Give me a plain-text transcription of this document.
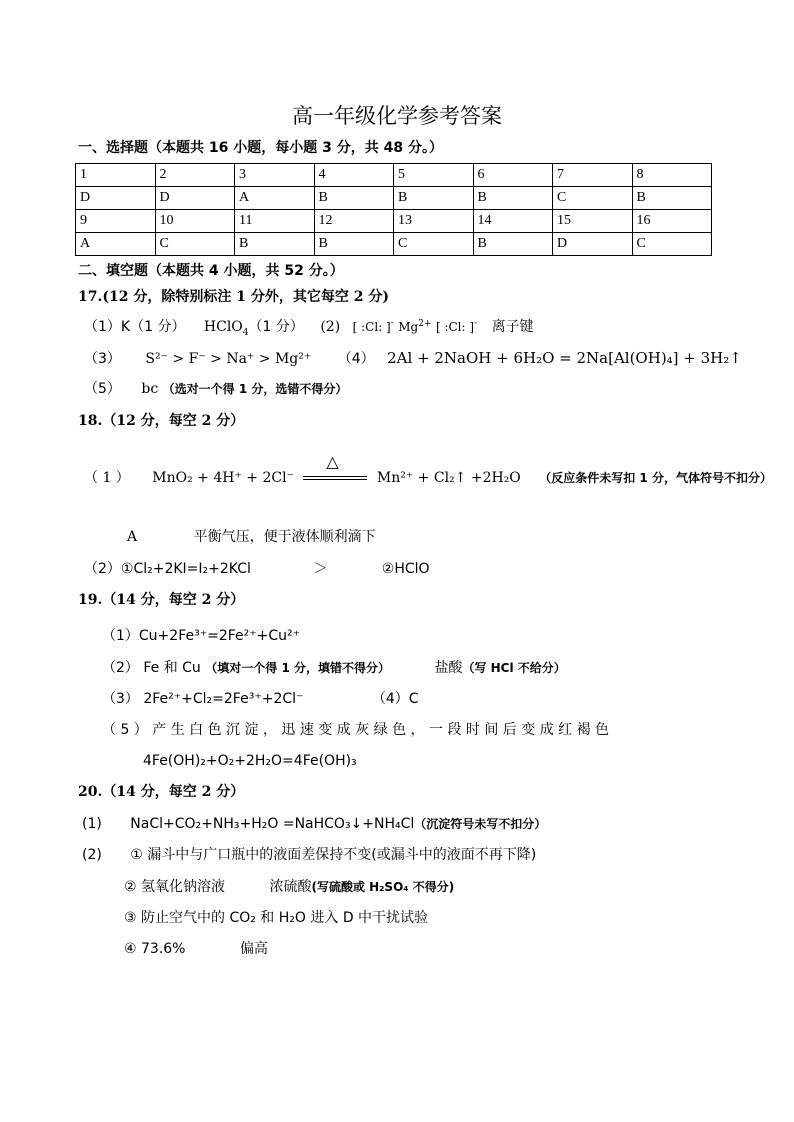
高一年级化学参考答案
一、选择题（本题共 16 小题，每小题 3 分，共 48 分。）
1	2	3	4	5	6	7	8
D	D	A	B	B	B	C	B
9	10	11	12	13	14	15	16
A	C	B	B	C	B	D	C
二、填空题（本题共 4 小题，共 52 分。）
17.(12 分，除特别标注 1 分外，其它每空 2 分)
（1）K（1 分） HClO$_4$（1 分） (2) [ :Cl: ]- $Mg^{2+}$ [ :Cl: ]- 离子键
（3） S²⁻ > F⁻ > Na⁺ > Mg²⁺ （4） 2Al + 2NaOH + 6H₂O = 2Na[Al(OH)₄] + 3H₂↑
（5） bc （选对一个得 1 分，选错不得分）
18.（12 分，每空 2 分）
（ 1 ） MnO₂ + 4H⁺ + 2Cl⁻
△
Mn²⁺ + Cl₂↑ +2H₂O （反应条件未写扣 1 分，气体符号不扣分）
A	平衡气压，便于液体顺利滴下
（2）①Cl₂+2KI=I₂+2KCl	＞	②HClO
19.（14 分，每空 2 分）
（1）Cu+2Fe³⁺=2Fe²⁺+Cu²⁺
（2） Fe 和 Cu （填对一个得 1 分，填错不得分）	盐酸（写 HCl 不给分）
（3） 2Fe²⁺+Cl₂=2Fe³⁺+2Cl⁻	（4）C
（ 5 ） 产 生 白 色 沉 淀 ， 迅 速 变 成 灰 绿 色 ， 一 段 时 间 后 变 成 红 褐 色
4Fe(OH)₂+O₂+2H₂O=4Fe(OH)₃
20.（14 分，每空 2 分）
(1) NaCl+CO₂+NH₃+H₂O =NaHCO₃↓+NH₄Cl（沉淀符号未写不扣分）
(2) ① 漏斗中与广口瓶中的液面差保持不变(或漏斗中的液面不再下降)
② 氢氧化钠溶液	浓硫酸(写硫酸或 H₂SO₄ 不得分)
③ 防止空气中的 CO₂ 和 H₂O 进入 D 中干扰试验
④ 73.6%	偏高
